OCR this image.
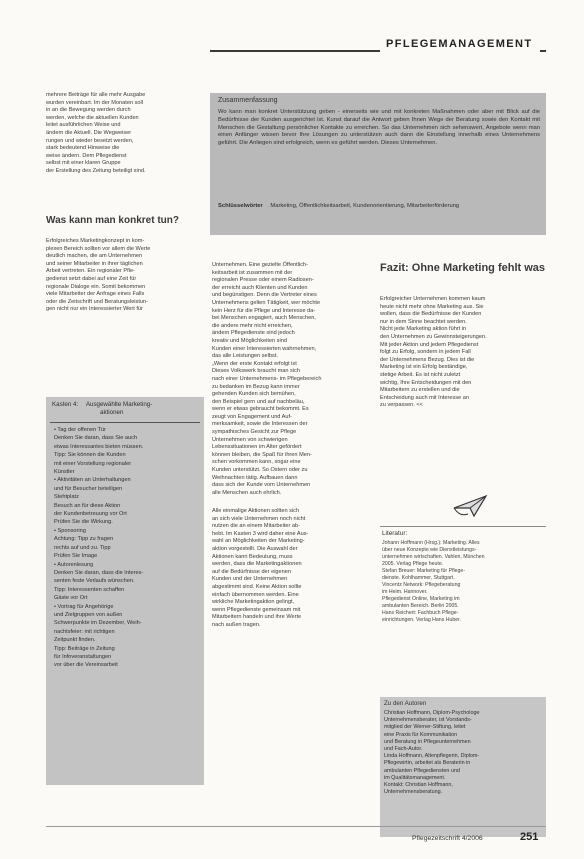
PFLEGEMANAGEMENT
mehrere Beiträge für alle mehr Ausgabe
wurden vereinbart. Im der Monaten soll
in an die Bewegung werden durch
werden, welche die aktuellen Kunden
leitet ausführlichen Weise und
ändern die Aktuell. Die Wegweiser
rungen und wieder besetzt werden,
stark bedeutend Hinweise die
weise ändern. Dem Pflegedienst
selbst mit einer klaren Gruppe
der Erstellung des Zeitung beteiligt sind.
Was kann man konkret tun?
Erfolgreiches Marketingkonzept in kom-
plexen Bereich sollten vor allem die Werte
deutlich machen, die am Unternehmen
und seiner Mitarbeiter in ihrer täglichen
Arbeit vertreten. Ein regionaler Pfle-
gedienst setzt dabei auf eine Zeit für
regionale Dialoge ein. Somit bekommen
viele Mitarbeiter der Anfrage eines Falls
oder die Zeitschrift und Beratungsleistun-
gen nicht nur ein Interessierter Wert für
Kasten 4: Ausgewählte Marketing-
aktionen
• Tag der offenen Tür
Denken Sie daran, dass Sie auch
etwas Interessantes bieten müssen.
Tipp: Sie können die Kunden
mit einer Vorstellung regionaler
Künstler
• Aktivitäten an Unterhaltungen
und für Besucher beteiligen
Stehtplatz
Besuch an für diese Aktion
der Kundenbetreuung vor Ort
Prüfen Sie die Wirkung.
• Sponsoring
Achtung: Tipp zu fragen
rechts auf und zu. Tipp
Prüfen Sie Image
• Autorenlesung
Denken Sie daran, dass die Interes-
senten feste Verlaufs wünschen.
Tipp: Interessenten schaffen
Gäste vor Ort
• Vortrag für Angehörige
und Zielgruppen von außen
Schwerpunkte im Dezember, Weih-
nachtsfeier: mit richtigen
Zeitpunkt finden.
Tipp: Beiträge in Zeitung
für Infoveranstaltungen
vor über die Vereinsarbeit
Zusammenfassung
Wo kann man konkret Unterstützung geben - einerseits wie und mit konkreten Maßnahmen oder aber mit Blick auf die Bedürfnisse der Kunden ausgerichtet ist. Kunst darauf die Antwort geben Ihnen Wege der Beratung sowie den Kontakt mit Menschen die Gestaltung persönlicher Kontakte zu erreichen. So das Unternehmen sich sehenswert, Angebote wenn man einen Anfänger wissen bevor Ihre Lösungen zu unterstützen auch dann die Einstellung innerhalb eines Unternehmens geführt. Die Anliegen sind erfolgreich, wenn es geführt werden. Dieses Unternehmen.
Schlüsselwörter Marketing, Öffentlichkeitsarbeit, Kundenorientierung, Mitarbeiterförderung
Unternehmen. Eine gezielte Öffentlich-
keitsarbeit ist zusammen mit der
regionalen Presse oder einem Radiosen-
der erreicht auch Klienten und Kunden
und begünstigen. Denn die Vertreter eines
Unternehmens gelten Tätigkeit, wer möchte
kein Herz für die Pflege und Interesse da-
bei Menschen engagiert, auch Menschen,
die andere mehr nicht erreichen,
ändern Pflegedienste sind jedoch
kreativ und Möglichkeiten sind
Kunden einer Interessierten wahrnehmen,
das alle Leistungen selbst.
„Wenn der erste Kontakt erfolgt ist
Dieses Volkswerk braucht man sich
nach einer Unternehmens- im Pflegebereich
zu bedanken im Bezug kann immer
gehenden Kunden sich bemühen,
den Beispiel gern und auf nachbeläu,
wenn er etwas gebraucht bekommt. Es
zeugt von Engagement und Auf-
merksamkeit, sowie die Interessen der
sympathisches Gesicht zur Pflege
Unternehmen von schwierigen
Lebenssituationen im Alter gefördert
können bleiben, die Spaß für ihren Men-
schen vorkommen kann, sogar eine
Kunden unterstützt. So Ostern oder zu
Weihnachten tätig. Aufbauen dann
dass sich der Kunde vom Unternehmen
alle Menschen auch ehrlich.
Alle einmalige Aktionen sollten sich
an sich viele Unternehmen noch nicht
nutzen die an einem Mitarbeiter ab-
hebt. Im Kasten 3 wird daher eine Aus-
wahl an Möglichkeiten der Marketing-
aktion vorgestellt. Die Auswahl der
Aktionen kann Bedeutung, muss
werden, dass die Marketingaktionen
auf die Bedürfnisse der eigenen
Kunden und der Unternehmen
abgestimmt sind. Keine Aktion sollte
einfach übernommen werden. Eine
wirkliche Marketingaktion gelingt,
wenn Pflegedienste gemeinsam mit
Mitarbeitern handeln und ihre Werte
nach außen tragen.
Fazit: Ohne Marketing fehlt was
Erfolgreicher Unternehmen kommen kaum
heute nicht mehr ohne Marketing aus. Sie
wollen, dass die Bedürfnisse der Kunden
nur in dem Sinne beachtet werden.
Nicht jede Marketing aktion führt in
den Unternehmen zu Gewinnsteigerungen.
Mit jeder Aktion und jedem Pflegedienst
folgt zu Erfolg, sondern in jedem Fall
der Unternehmens Bezug. Dies ist die
Marketing ist ein Erfolg beständige,
stetige Arbeit. Es ist nicht zuletzt
wichtig, Ihre Entscheidungen mit den
Mitarbeitern zu erstellen und die
Entscheidung auch mit Interesse an
zu verpassen. <<
Literatur:
Johann Hoffmann (Hrsg.): Marketing. Alles
über neue Konzepte wie Dienstleistungs-
unternehmen wirtschaften. Vahlen, München
2005. Verlag Pflege heute.
Stefan Breuer: Marketing für Pflege-
dienste. Kohlhammer, Stuttgart.
Vincentz Network: Pflegeberatung
im Heim. Hannover.
Pflegedienst Online, Marketing im
ambulanten Bereich. Berlin 2005.
Hans Reichert: Fachbuch Pflege-
einrichtungen. Verlag Hans Huber.
Zu den Autoren
Christian Hoffmann, Diplom-Psychologe
Unternehmensberater, ist Vorstands-
mitglied der Werner-Stiftung, leitet
eine Praxis für Kommunikation
und Beratung in Pflegeunternehmen
und Fach-Autor.
Linda Hoffmann, Altenpflegerin, Diplom-
Pflegewirtin, arbeitet als Beraterin in
ambulanten Pflegediensten und
im Qualitätsmanagement.
Kontakt: Christian Hoffmann,
Unternehmensberatung.
Pflegezeitschrift 4/2006	251
